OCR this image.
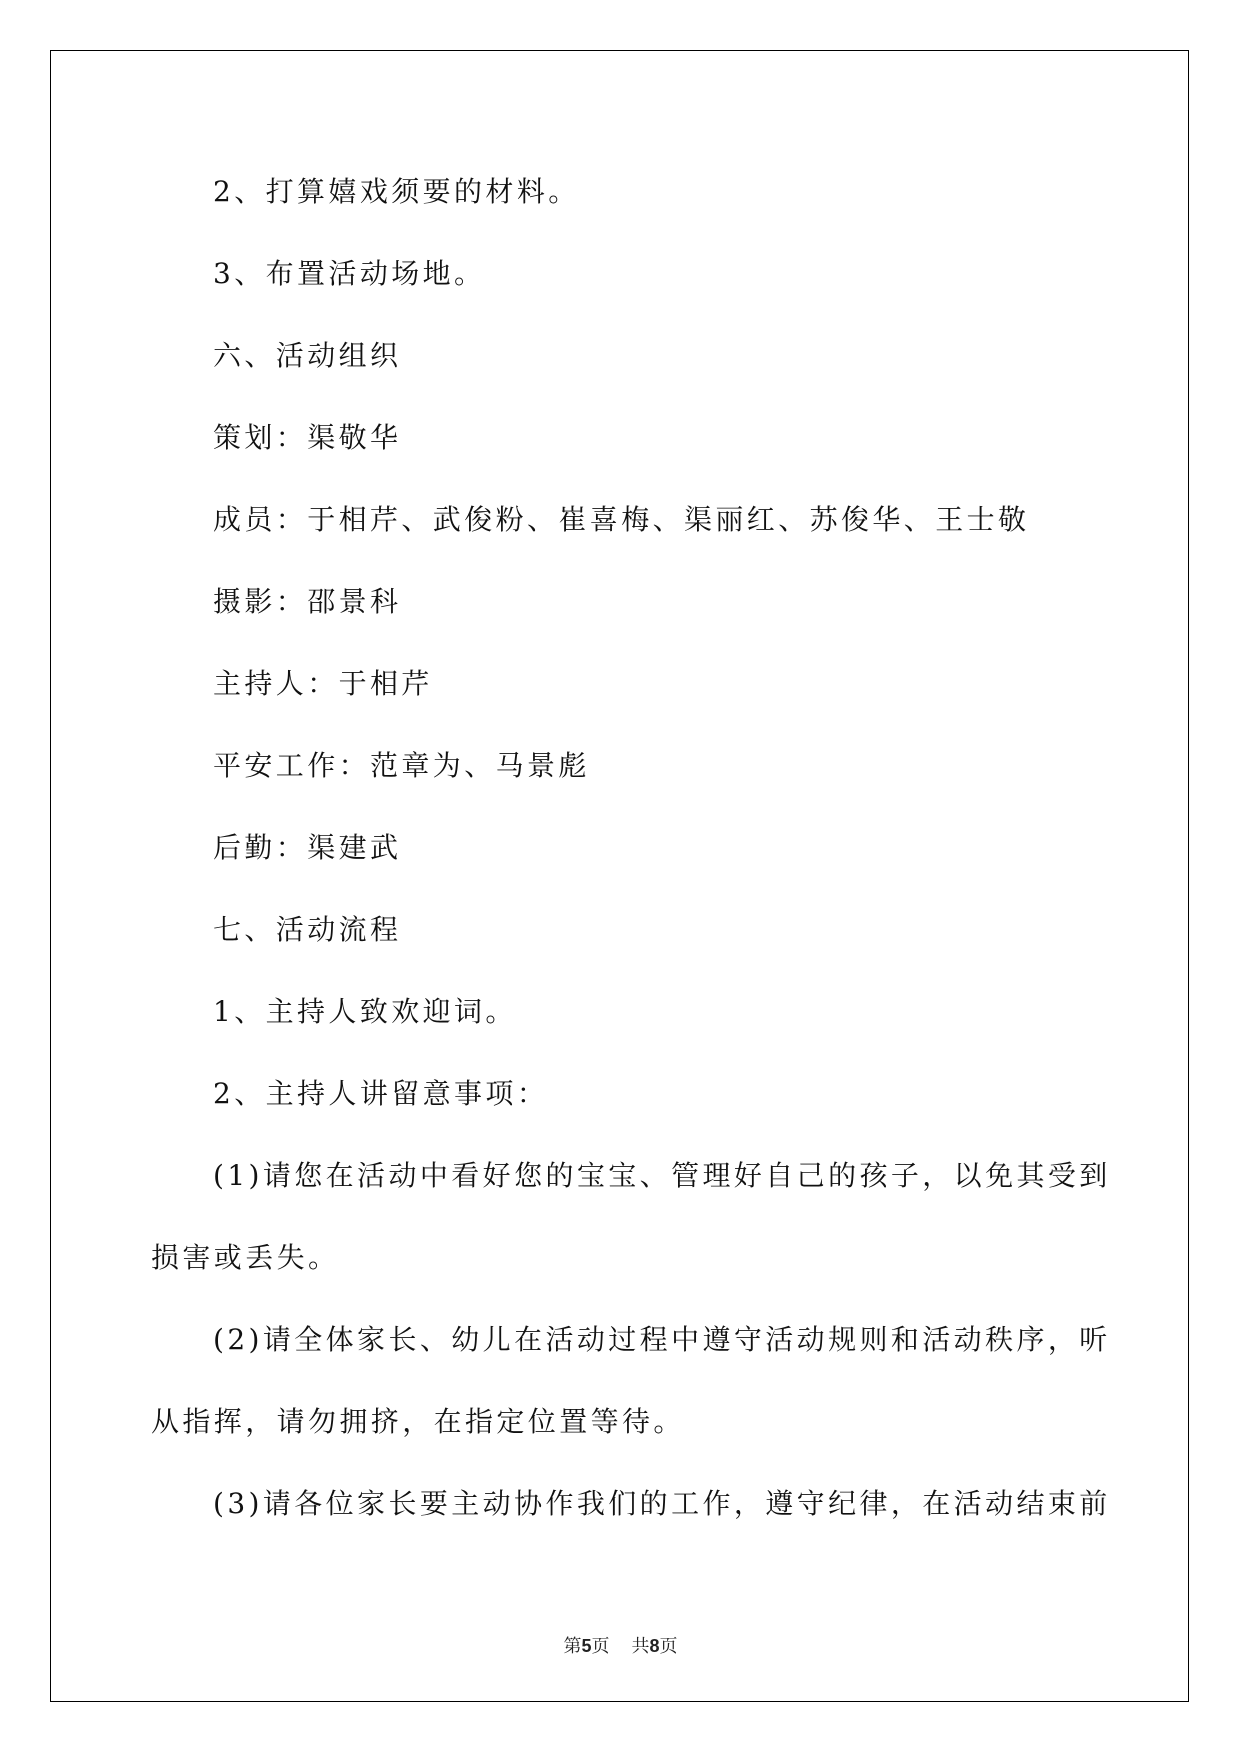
2、打算嬉戏须要的材料。

3、布置活动场地。

六、活动组织

策划：渠敬华

成员：于相芹、武俊粉、崔喜梅、渠丽红、苏俊华、王士敬

摄影：邵景科

主持人：于相芹

平安工作：范章为、马景彪

后勤：渠建武

七、活动流程

1、主持人致欢迎词。

2、主持人讲留意事项：

(1)请您在活动中看好您的宝宝、管理好自己的孩子，以免其受到

损害或丢失。

(2)请全体家长、幼儿在活动过程中遵守活动规则和活动秩序，听

从指挥，请勿拥挤，在指定位置等待。

(3)请各位家长要主动协作我们的工作，遵守纪律，在活动结束前

第5页 共8页
